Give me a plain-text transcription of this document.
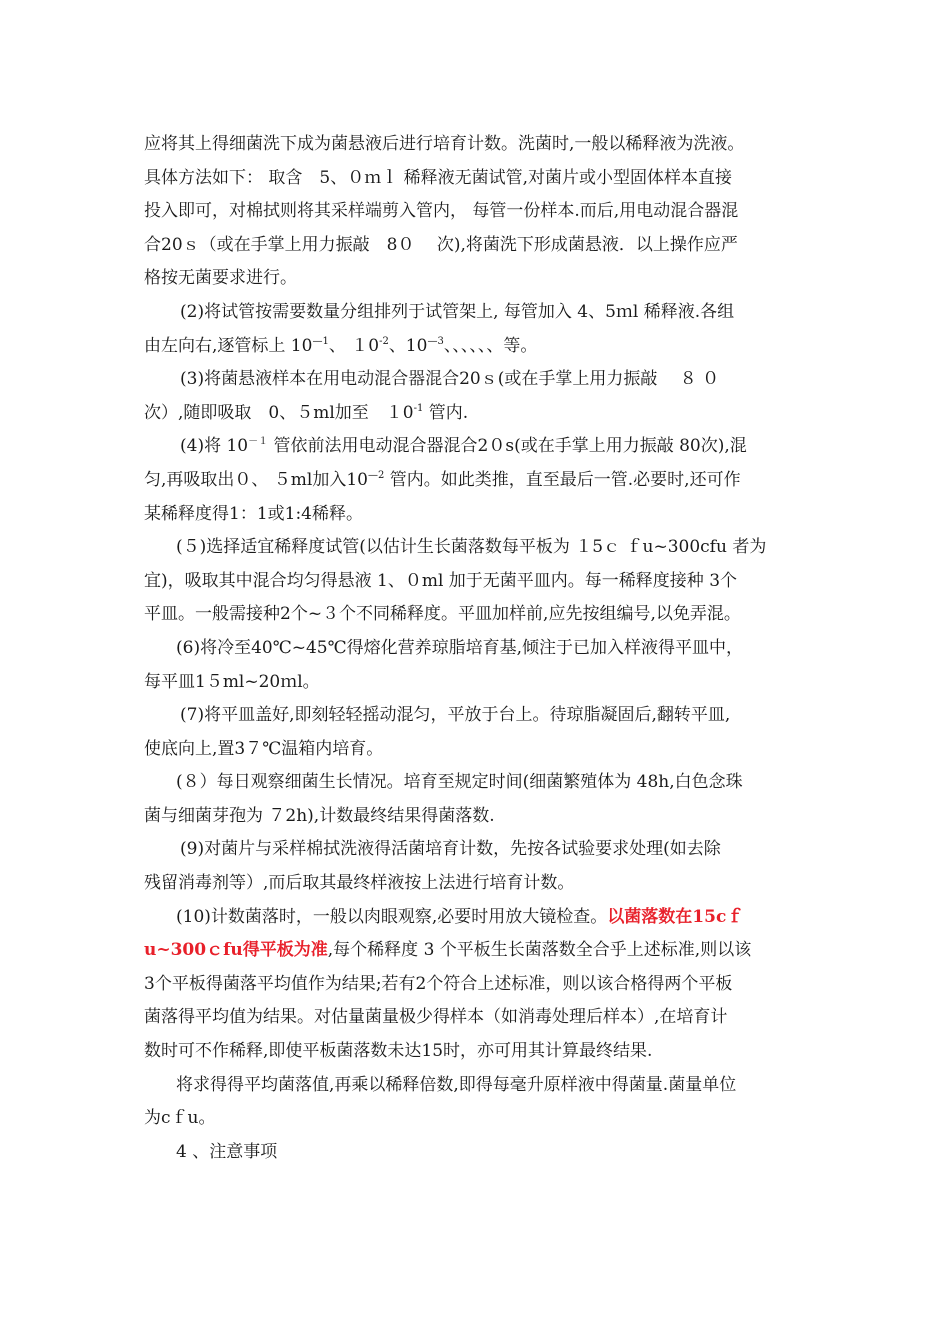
应将其上得细菌洗下成为菌悬液后进行培育计数。洗菌时,一般以稀释液为洗液。
具体方法如下： 取含　5、０ｍｌ 稀释液无菌试管,对菌片或小型固体样本直接
投入即可，对棉拭则将其采样端剪入管内， 每管一份样本.而后,用电动混合器混
合20ｓ（或在手掌上用力振敲　8０　 次),将菌洗下形成菌悬液．以上操作应严
格按无菌要求进行。
(2)将试管按需要数量分组排列于试管架上, 每管加入 4、5ｍl 稀释液.各组
由左向右,逐管标上 $10^{—1}$、 $10^{-2}$、$10^{—3}$、、、、、、等。
(3)将菌悬液样本在用电动混合器混合20ｓ(或在手掌上用力振敲　 ８ ０
次）,随即吸取　0、５ml加至　$10^{-1}$ 管内.
(4)将 $10^{-1}$ 管依前法用电动混合器混合2０s(或在手掌上用力振敲 80次),混
匀,再吸取出０、 ５ml加入$10^{—2}$ 管内。如此类推，直至最后一管.必要时,还可作
某稀释度得1：1或1:4稀释。
(５)选择适宜稀释度试管(以估计生长菌落数每平板为 １5ｃ ｆu~300cfu 者为
宜)，吸取其中混合均匀得悬液 1、０ml 加于无菌平皿内。每一稀释度接种 3个
平皿。一般需接种2个~３个不同稀释度。平皿加样前,应先按组编号,以免弄混。
(6)将冷至40℃~45℃得熔化营养琼脂培育基,倾注于已加入样液得平皿中，
每平皿1５ml~20ｍl。
(7)将平皿盖好,即刻轻轻摇动混匀，平放于台上。待琼脂凝固后,翻转平皿,
使底向上,置3７℃温箱内培育。
(８）每日观察细菌生长情况。培育至规定时间(细菌繁殖体为 48h,白色念珠
菌与细菌芽孢为 ７2h),计数最终结果得菌落数.
(9)对菌片与采样棉拭洗液得活菌培育计数，先按各试验要求处理(如去除
残留消毒剂等）,而后取其最终样液按上法进行培育计数。
(10)计数菌落时，一般以肉眼观察,必要时用放大镜检查。以菌落数在15cｆ
u~300ｃfu得平板为准,每个稀释度 3 个平板生长菌落数全合乎上述标准,则以该
3个平板得菌落平均值作为结果;若有2个符合上述标准，则以该合格得两个平板
菌落得平均值为结果。对估量菌量极少得样本（如消毒处理后样本）,在培育计
数时可不作稀释,即使平板菌落数未达15时，亦可用其计算最终结果.
将求得得平均菌落值,再乘以稀释倍数,即得每毫升原样液中得菌量.菌量单位
为cｆu。
4 、注意事项
